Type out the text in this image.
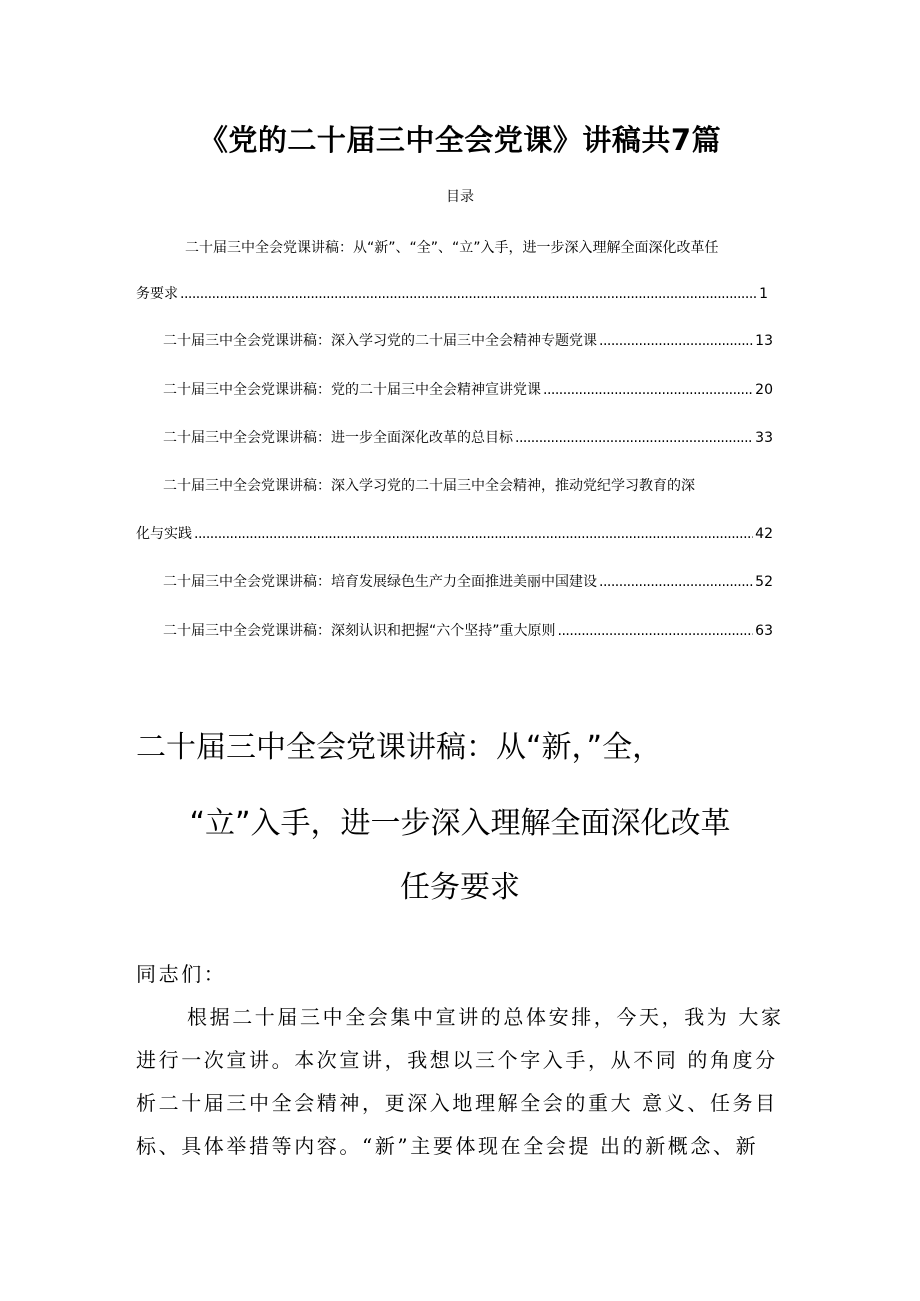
《党的二十届三中全会党课》讲稿共7篇
目录
二十届三中全会党课讲稿：从“新”、“全”、“立”入手，进一步深入理解全面深化改革任
务要求 .....	1
二十届三中全会党课讲稿：深入学习党的二十届三中全会精神专题党课 .....	13
二十届三中全会党课讲稿：党的二十届三中全会精神宣讲党课 .....	20
二十届三中全会党课讲稿：进一步全面深化改革的总目标 .....	33
二十届三中全会党课讲稿：深入学习党的二十届三中全会精神，推动党纪学习教育的深
化与实践 .....	42
二十届三中全会党课讲稿：培育发展绿色生产力全面推进美丽中国建设 .....	52
二十届三中全会党课讲稿：深刻认识和把握“六个坚持”重大原则 .....	63
二十届三中全会党课讲稿：从“新，”全，
“立”入手，进一步深入理解全面深化改革
任务要求
同志们：
根据二十届三中全会集中宣讲的总体安排，今天，我为 大家
进行一次宣讲。本次宣讲，我想以三个字入手，从不同 的角度分
析二十届三中全会精神，更深入地理解全会的重大 意义、任务目
标、具体举措等内容。“新”主要体现在全会提 出的新概念、新
